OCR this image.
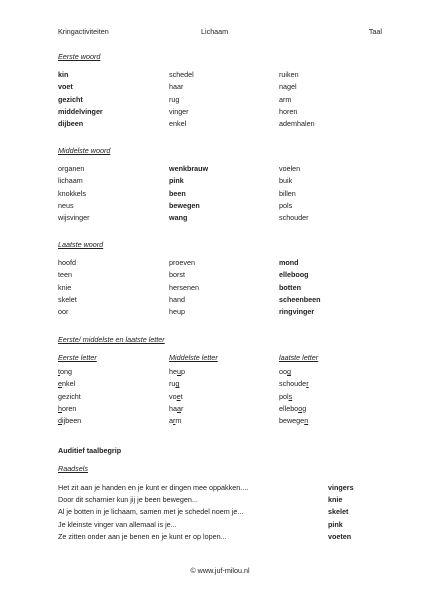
Kringactiviteiten	Lichaam	Taal
Eerste woord
kin	schedel	ruiken
voet	haar	nagel
gezicht	rug	arm
middelvinger	vinger	horen
dijbeen	enkel	ademhalen
Middelste woord
organen	wenkbrauw	voelen
lichaam	pink	buik
knokkels	been	billen
neus	bewegen	pols
wijsvinger	wang	schouder
Laatste woord
hoofd	proeven	mond
teen	borst	elleboog
knie	hersenen	botten
skelet	hand	scheenbeen
oor	heup	ringvinger
Eerste/ middelste en laatste letter
Eerste letter	Middelste letter	laatste letter
tong	heup	oog
enkel	rug	schouder
gezicht	voet	pols
horen	haar	elleboog
dijbeen	arm	bewegen
Auditief taalbegrip
Raadsels
Het zit aan je handen en je kunt er dingen mee oppakken....	vingers
Door dit scharnier kun jij je been bewegen...	knie
Al je botten in je lichaam, samen met je schedel noem je...	skelet
Je kleinste vinger van allemaal is je...	pink
Ze zitten onder aan je benen en je kunt er op lopen...	voeten
© www.juf-milou.nl
